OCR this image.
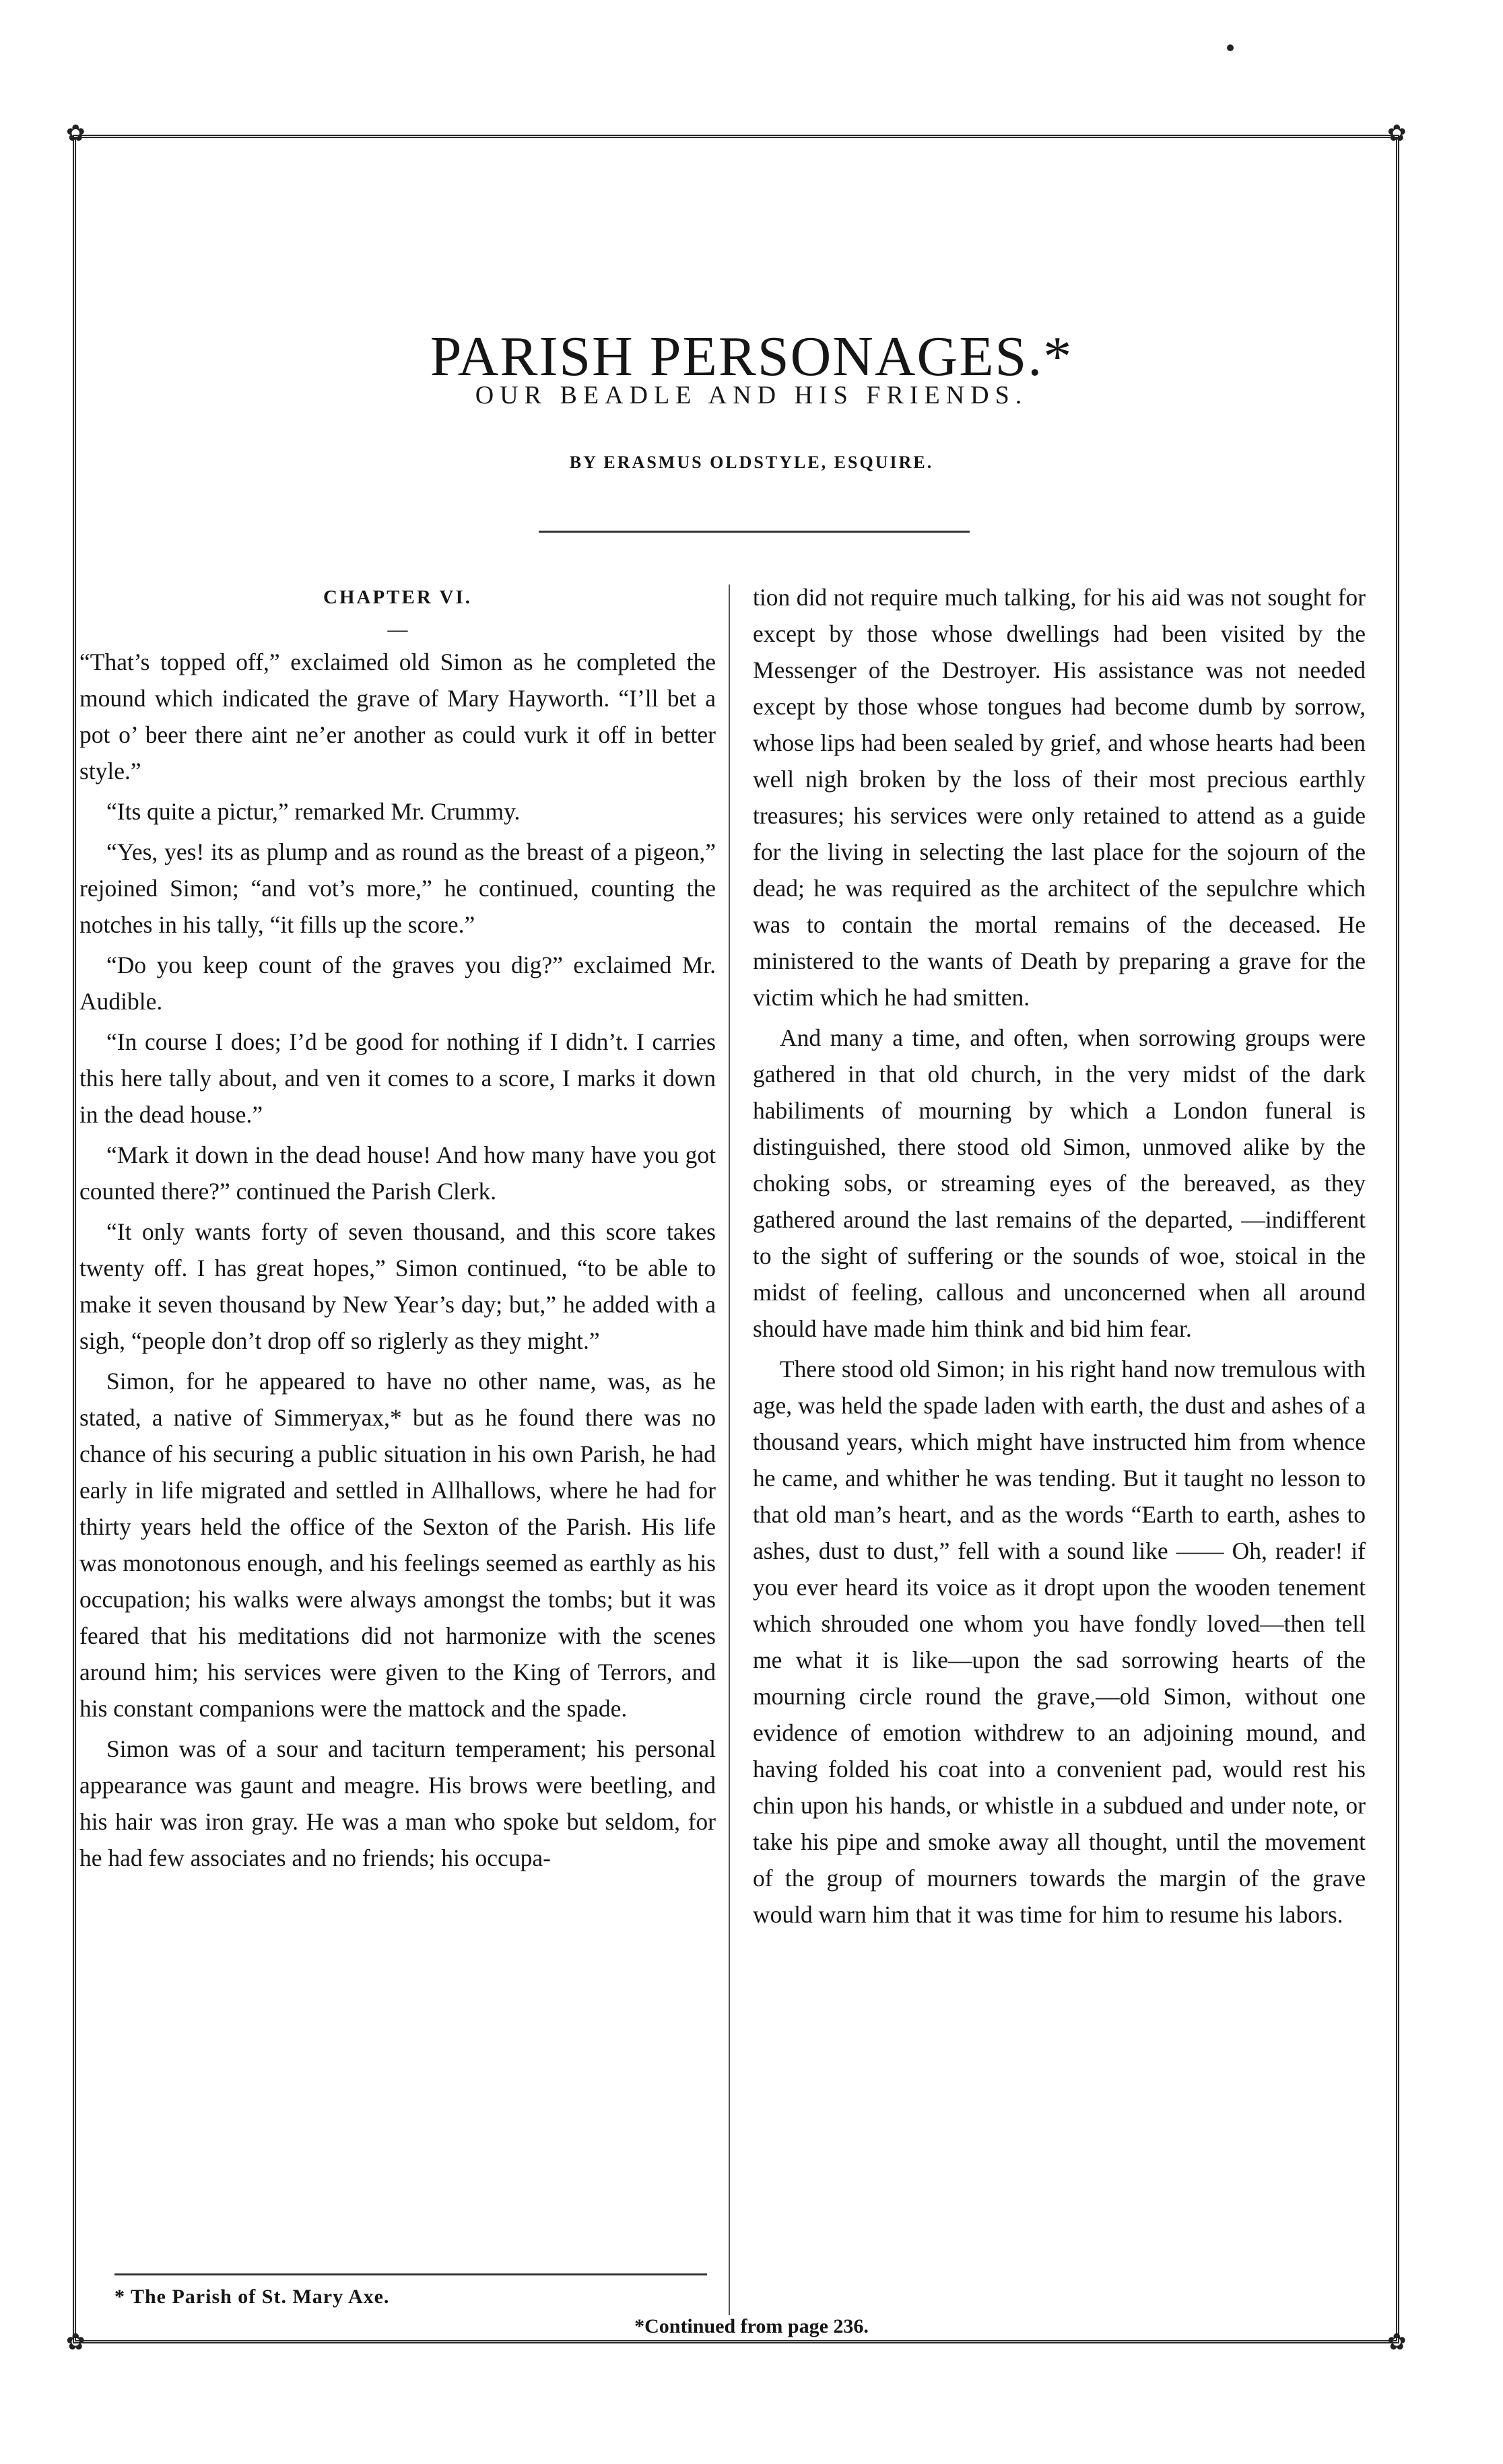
✿	✿
✿	✿
PARISH PERSONAGES.*
OUR BEADLE AND HIS FRIENDS.
BY ERASMUS OLDSTYLE, ESQUIRE.
CHAPTER VI.
—

“That’s topped off,” exclaimed old Simon as he completed the mound which indicated the grave of Mary Hayworth. “I’ll bet a pot o’ beer there aint ne’er another as could vurk it off in better style.”

“Its quite a pictur,” remarked Mr. Crummy.

“Yes, yes! its as plump and as round as the breast of a pigeon,” rejoined Simon; “and vot’s more,” he continued, counting the notches in his tally, “it fills up the score.”

“Do you keep count of the graves you dig?” exclaimed Mr. Audible.

“In course I does; I’d be good for nothing if I didn’t. I carries this here tally about, and ven it comes to a score, I marks it down in the dead house.”

“Mark it down in the dead house! And how many have you got counted there?” continued the Parish Clerk.

“It only wants forty of seven thousand, and this score takes twenty off. I has great hopes,” Simon continued, “to be able to make it seven thousand by New Year’s day; but,” he added with a sigh, “people don’t drop off so riglerly as they might.”

Simon, for he appeared to have no other name, was, as he stated, a native of Simmeryax,* but as he found there was no chance of his securing a public situation in his own Parish, he had early in life migrated and settled in Allhallows, where he had for thirty years held the office of the Sexton of the Parish. His life was monotonous enough, and his feelings seemed as earthly as his occupation; his walks were always amongst the tombs; but it was feared that his meditations did not harmonize with the scenes around him; his services were given to the King of Terrors, and his constant companions were the mattock and the spade.

Simon was of a sour and taciturn temperament; his personal appearance was gaunt and meagre. His brows were beetling, and his hair was iron gray. He was a man who spoke but seldom, for he had few associates and no friends; his occupa-

tion did not require much talking, for his aid was not sought for except by those whose dwellings had been visited by the Messenger of the Destroyer. His assistance was not needed except by those whose tongues had become dumb by sorrow, whose lips had been sealed by grief, and whose hearts had been well nigh broken by the loss of their most precious earthly treasures; his services were only retained to attend as a guide for the living in selecting the last place for the sojourn of the dead; he was required as the architect of the sepulchre which was to contain the mortal remains of the deceased. He ministered to the wants of Death by preparing a grave for the victim which he had smitten.

And many a time, and often, when sorrowing groups were gathered in that old church, in the very midst of the dark habiliments of mourning by which a London funeral is distinguished, there stood old Simon, unmoved alike by the choking sobs, or streaming eyes of the bereaved, as they gathered around the last remains of the departed, —indifferent to the sight of suffering or the sounds of woe, stoical in the midst of feeling, callous and unconcerned when all around should have made him think and bid him fear.

There stood old Simon; in his right hand now tremulous with age, was held the spade laden with earth, the dust and ashes of a thousand years, which might have instructed him from whence he came, and whither he was tending. But it taught no lesson to that old man’s heart, and as the words “Earth to earth, ashes to ashes, dust to dust,” fell with a sound like —— Oh, reader! if you ever heard its voice as it dropt upon the wooden tenement which shrouded one whom you have fondly loved—then tell me what it is like—upon the sad sorrowing hearts of the mourning circle round the grave,—old Simon, without one evidence of emotion withdrew to an adjoining mound, and having folded his coat into a convenient pad, would rest his chin upon his hands, or whistle in a subdued and under note, or take his pipe and smoke away all thought, until the movement of the group of mourners towards the margin of the grave would warn him that it was time for him to resume his labors.

* The Parish of St. Mary Axe.
*Continued from page 236.
